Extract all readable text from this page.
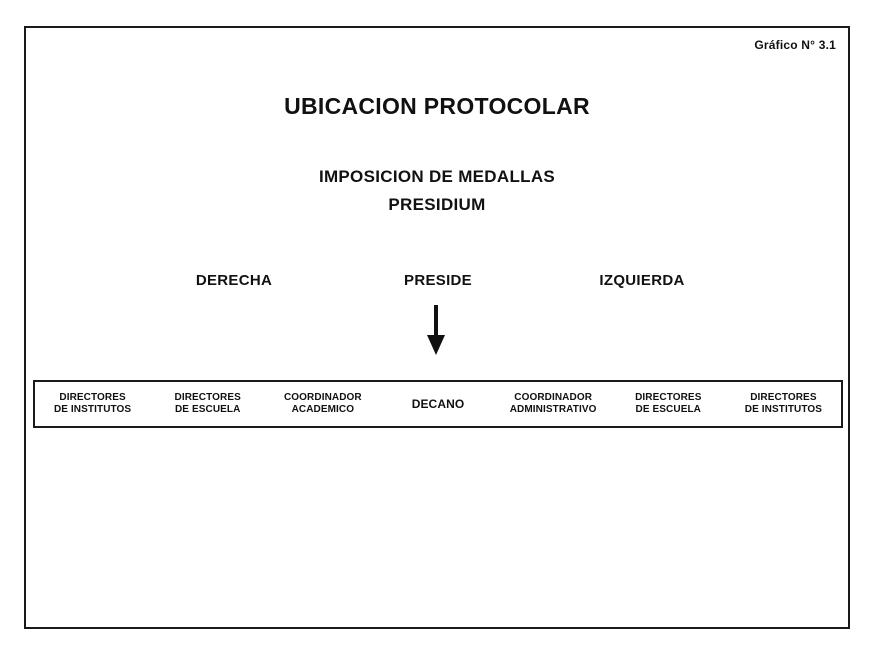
Gráfico N° 3.1
UBICACION PROTOCOLAR
IMPOSICION DE MEDALLAS
PRESIDIUM
DERECHA	PRESIDE	IZQUIERDA
DIRECTORES
DE INSTITUTOS
DIRECTORES
DE ESCUELA
COORDINADOR
ACADEMICO	DECANO	COORDINADOR
ADMINISTRATIVO
DIRECTORES
DE ESCUELA
DIRECTORES
DE INSTITUTOS
